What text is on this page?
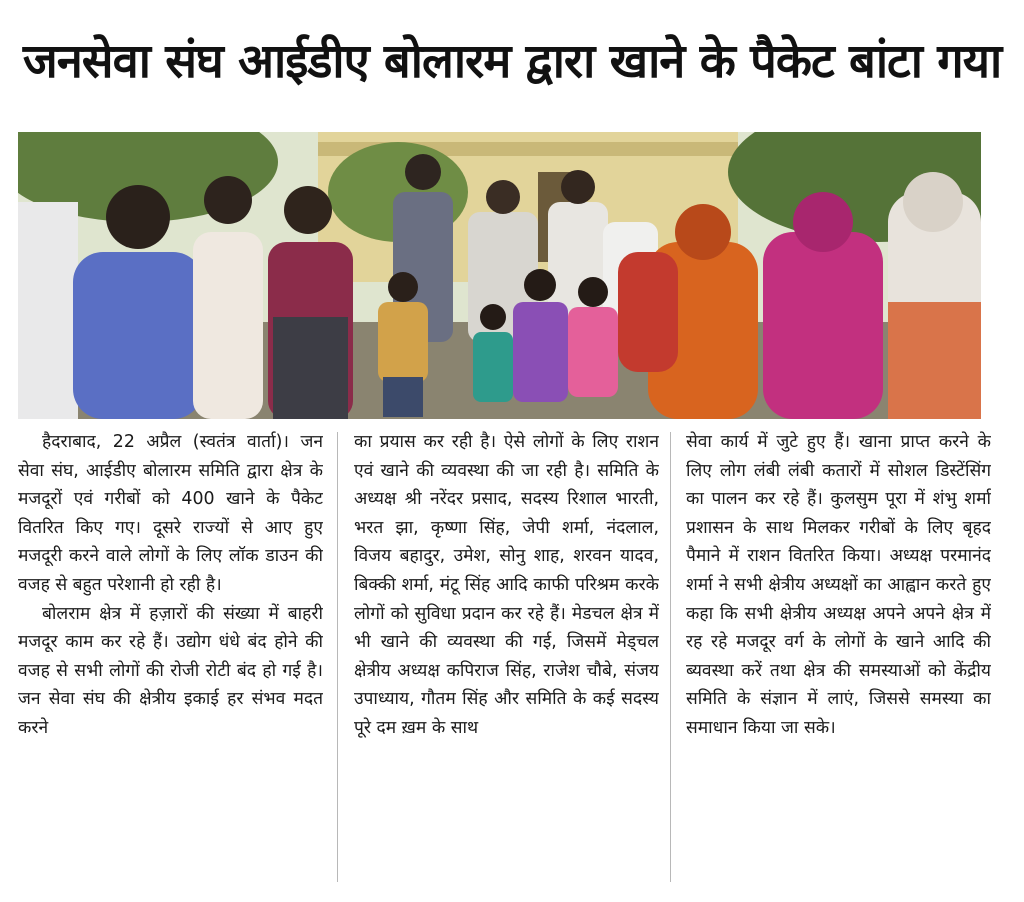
जनसेवा संघ आईडीए बोलारम द्वारा खाने के पैकेट बांटा गया

हैदराबाद, 22 अप्रैल (स्वतंत्र वार्ता)। जन सेवा संघ, आईडीए बोलारम समिति द्वारा क्षेत्र के मजदूरों एवं गरीबों को 400 खाने के पैकेट वितरित किए गए। दूसरे राज्यों से आए हुए मजदूरी करने वाले लोगों के लिए लॉक डाउन की वजह से बहुत परेशानी हो रही है।

बोलराम क्षेत्र में हज़ारों की संख्या में बाहरी मजदूर काम कर रहे हैं। उद्योग धंधे बंद होने की वजह से सभी लोगों की रोजी रोटी बंद हो गई है। जन सेवा संघ की क्षेत्रीय इकाई हर संभव मदत करने

का प्रयास कर रही है। ऐसे लोगों के लिए राशन एवं खाने की व्यवस्था की जा रही है। समिति के अध्यक्ष श्री नरेंदर प्रसाद, सदस्य रिशाल भारती, भरत झा, कृष्णा सिंह, जेपी शर्मा, नंदलाल, विजय बहादुर, उमेश, सोनु शाह, शरवन यादव, बिक्की शर्मा, मंटू सिंह आदि काफी परिश्रम करके लोगों को सुविधा प्रदान कर रहे हैं। मेडचल क्षेत्र में भी खाने की व्यवस्था की गई, जिसमें मेड्चल क्षेत्रीय अध्यक्ष कपिराज सिंह, राजेश चौबे, संजय उपाध्याय, गौतम सिंह और समिति के कई सदस्य पूरे दम ख़म के साथ

सेवा कार्य में जुटे हुए हैं। खाना प्राप्त करने के लिए लोग लंबी लंबी कतारों में सोशल डिस्टेंसिंग का पालन कर रहे हैं। कुलसुम पूरा में शंभु शर्मा प्रशासन के साथ मिलकर गरीबों के लिए बृहद पैमाने में राशन वितरित किया। अध्यक्ष परमानंद शर्मा ने सभी क्षेत्रीय अध्यक्षों का आह्वान करते हुए कहा कि सभी क्षेत्रीय अध्यक्ष अपने अपने क्षेत्र में रह रहे मजदूर वर्ग के लोगों के खाने आदि की ब्यवस्था करें तथा क्षेत्र की समस्याओं को केंद्रीय समिति के संज्ञान में लाएं, जिससे समस्या का समाधान किया जा सके।
